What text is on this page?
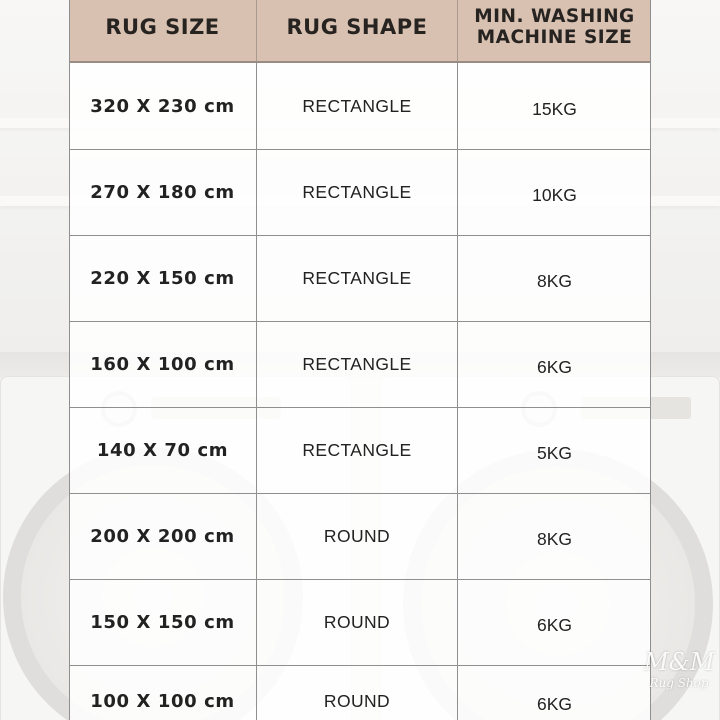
RUG SIZE	RUG SHAPE	MIN. WASHING
MACHINE SIZE
320 X 230 cm	RECTANGLE	15KG
270 X 180 cm	RECTANGLE	10KG
220 X 150 cm	RECTANGLE	8KG
160 X 100 cm	RECTANGLE	6KG
140 X 70 cm	RECTANGLE	5KG
200 X 200 cm	ROUND	8KG
150 X 150 cm	ROUND	6KG
100 X 100 cm	ROUND	6KG
M&M
Rug Shop
